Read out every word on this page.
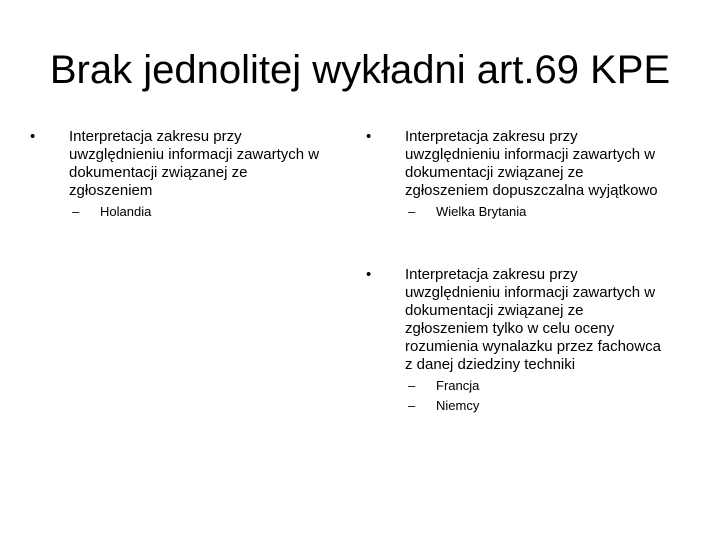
Brak jednolitej wykładni art.69 KPE
•	Interpretacja zakresu przy
uwzględnieniu informacji zawartych w
dokumentacji związanej ze
zgłoszeniem
– Holandia
•	Interpretacja zakresu przy
uwzględnieniu informacji zawartych w
dokumentacji związanej ze
zgłoszeniem dopuszczalna wyjątkowo
– Wielka Brytania
•	Interpretacja zakresu przy
uwzględnieniu informacji zawartych w
dokumentacji związanej ze
zgłoszeniem tylko w celu oceny
rozumienia wynalazku przez fachowca
z danej dziedziny techniki
– Francja
– Niemcy
